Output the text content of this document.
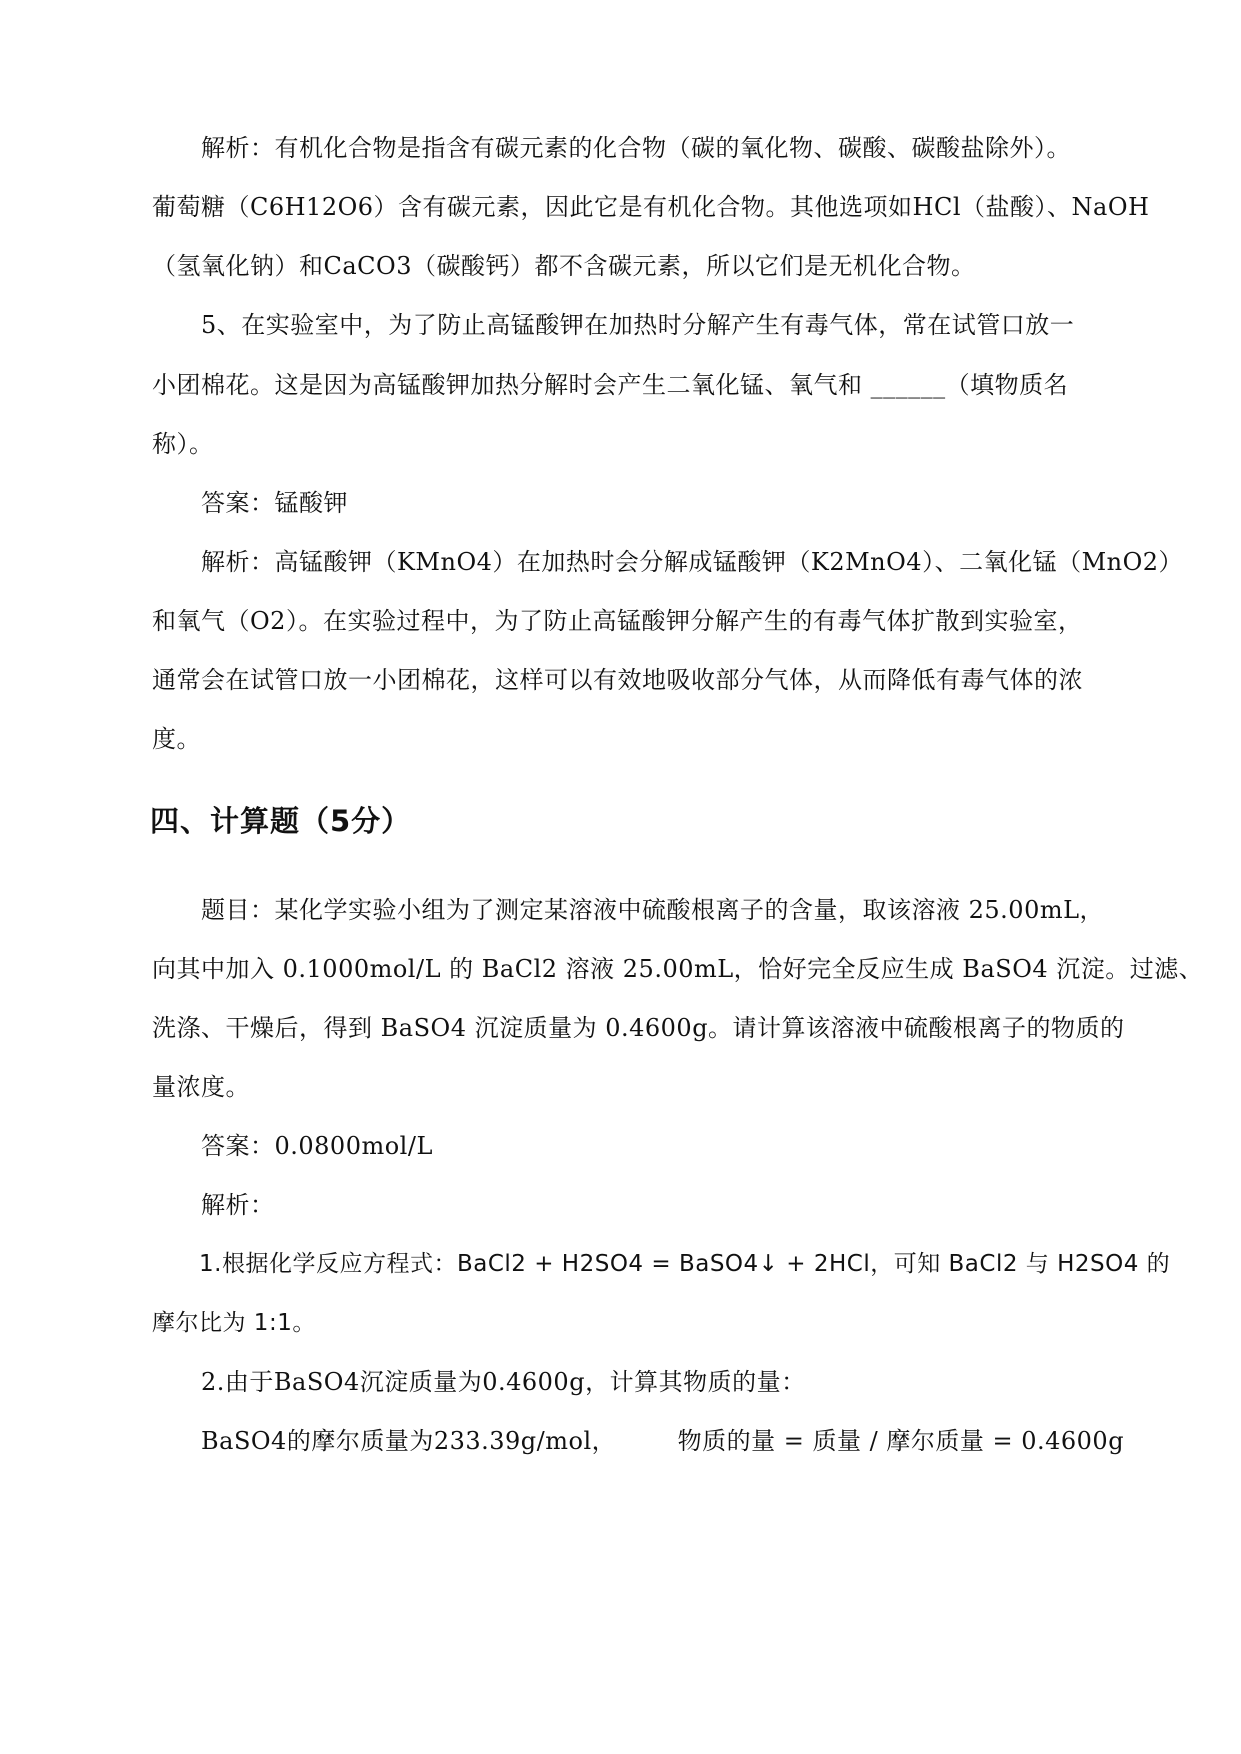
　　解析：有机化合物是指含有碳元素的化合物（碳的氧化物、碳酸、碳酸盐除外）。
葡萄糖（C6H12O6）含有碳元素，因此它是有机化合物。其他选项如HCl（盐酸）、NaOH
（氢氧化钠）和CaCO3（碳酸钙）都不含碳元素，所以它们是无机化合物。
　　5、在实验室中，为了防止高锰酸钾在加热时分解产生有毒气体，常在试管口放一
小团棉花。这是因为高锰酸钾加热分解时会产生二氧化锰、氧气和 ______（填物质名
称）。
　　答案：锰酸钾
　　解析：高锰酸钾（KMnO4）在加热时会分解成锰酸钾（K2MnO4）、二氧化锰（MnO2）
和氧气（O2）。在实验过程中，为了防止高锰酸钾分解产生的有毒气体扩散到实验室，
通常会在试管口放一小团棉花，这样可以有效地吸收部分气体，从而降低有毒气体的浓
度。
四、计算题（5分）
　　题目：某化学实验小组为了测定某溶液中硫酸根离子的含量，取该溶液 25.00mL，
向其中加入 0.1000mol/L 的 BaCl2 溶液 25.00mL，恰好完全反应生成 BaSO4 沉淀。过滤、
洗涤、干燥后，得到 BaSO4 沉淀质量为 0.4600g。请计算该溶液中硫酸根离子的物质的
量浓度。
　　答案：0.0800mol/L
　　解析：
　　1.根据化学反应方程式：BaCl2 + H2SO4 = BaSO4↓ + 2HCl，可知 BaCl2 与 H2SO4 的
摩尔比为 1:1。
　　2.由于BaSO4沉淀质量为0.4600g，计算其物质的量：
　　BaSO4的摩尔质量为233.39g/mol，　　　物质的量 = 质量 / 摩尔质量 = 0.4600g
